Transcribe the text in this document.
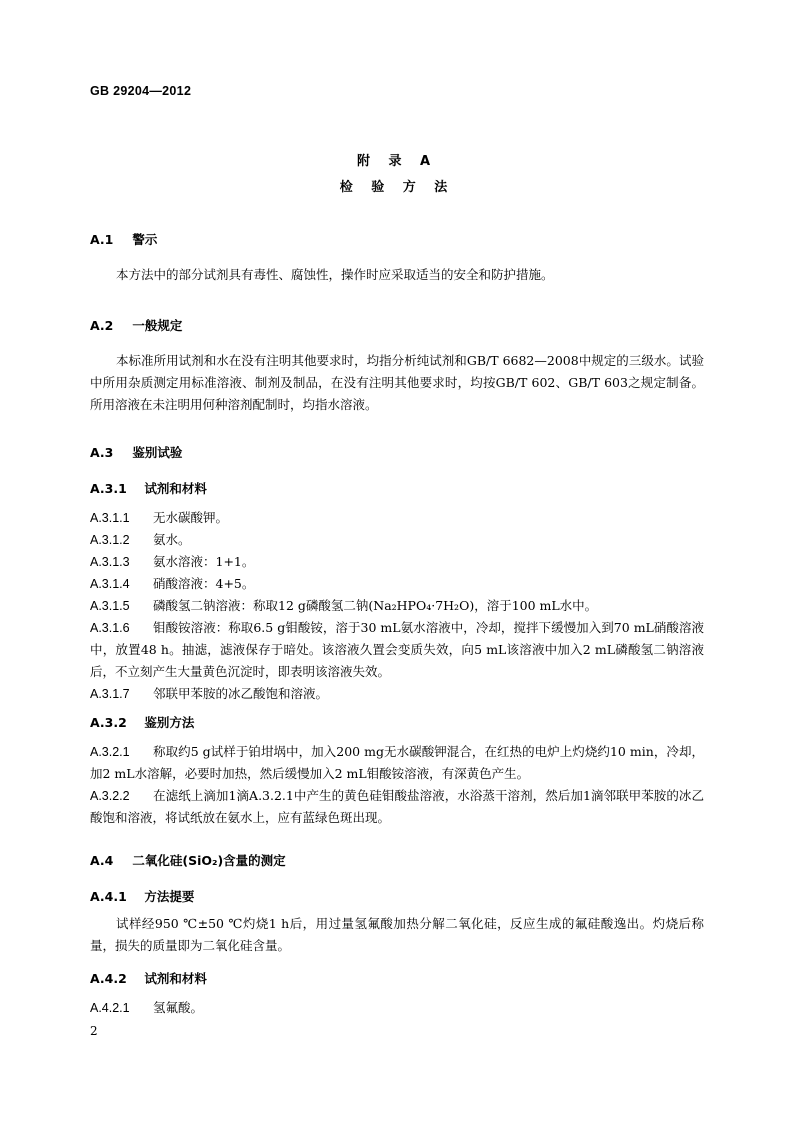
GB 29204—2012
附 录 A
检 验 方 法
A.1 警示
本方法中的部分试剂具有毒性、腐蚀性，操作时应采取适当的安全和防护措施。
A.2 一般规定
本标准所用试剂和水在没有注明其他要求时，均指分析纯试剂和GB/T 6682—2008中规定的三级水。试验中所用杂质测定用标准溶液、制剂及制品，在没有注明其他要求时，均按GB/T 602、GB/T 603之规定制备。所用溶液在未注明用何种溶剂配制时，均指水溶液。
A.3 鉴别试验
A.3.1 试剂和材料
A.3.1.1 无水碳酸钾。
A.3.1.2 氨水。
A.3.1.3 氨水溶液：1+1。
A.3.1.4 硝酸溶液：4+5。
A.3.1.5 磷酸氢二钠溶液：称取12 g磷酸氢二钠(Na₂HPO₄·7H₂O)，溶于100 mL水中。
A.3.1.6 钼酸铵溶液：称取6.5 g钼酸铵，溶于30 mL氨水溶液中，冷却，搅拌下缓慢加入到70 mL硝酸溶液中，放置48 h。抽滤，滤液保存于暗处。该溶液久置会变质失效，向5 mL该溶液中加入2 mL磷酸氢二钠溶液后，不立刻产生大量黄色沉淀时，即表明该溶液失效。
A.3.1.7 邻联甲苯胺的冰乙酸饱和溶液。
A.3.2 鉴别方法
A.3.2.1 称取约5 g试样于铂坩埚中，加入200 mg无水碳酸钾混合，在红热的电炉上灼烧约10 min，冷却，加2 mL水溶解，必要时加热，然后缓慢加入2 mL钼酸铵溶液，有深黄色产生。
A.3.2.2 在滤纸上滴加1滴A.3.2.1中产生的黄色硅钼酸盐溶液，水浴蒸干溶剂，然后加1滴邻联甲苯胺的冰乙酸饱和溶液，将试纸放在氨水上，应有蓝绿色斑出现。
A.4 二氧化硅(SiO₂)含量的测定
A.4.1 方法提要
试样经950 ℃±50 ℃灼烧1 h后，用过量氢氟酸加热分解二氧化硅，反应生成的氟硅酸逸出。灼烧后称量，损失的质量即为二氧化硅含量。
A.4.2 试剂和材料
A.4.2.1 氢氟酸。
2
